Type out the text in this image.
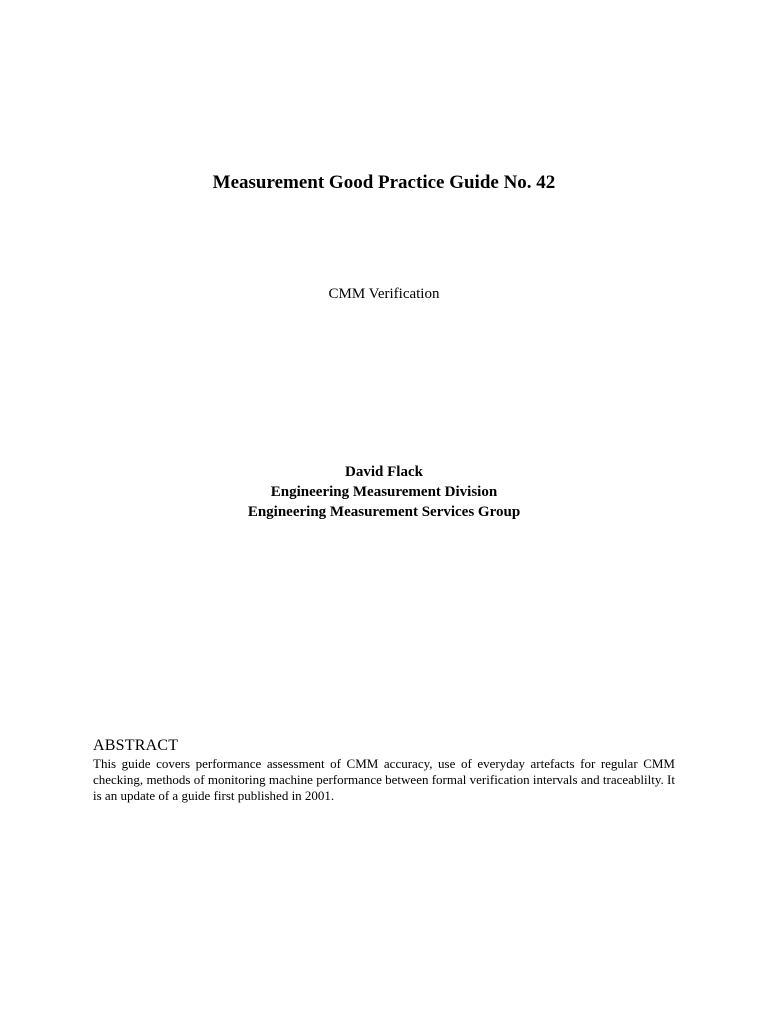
Measurement Good Practice Guide No. 42
CMM Verification
David Flack
Engineering Measurement Division
Engineering Measurement Services Group
ABSTRACT

This guide covers performance assessment of CMM accuracy, use of everyday artefacts for regular CMM checking, methods of monitoring machine performance between formal verification intervals and traceablilty. It is an update of a guide first published in 2001.
